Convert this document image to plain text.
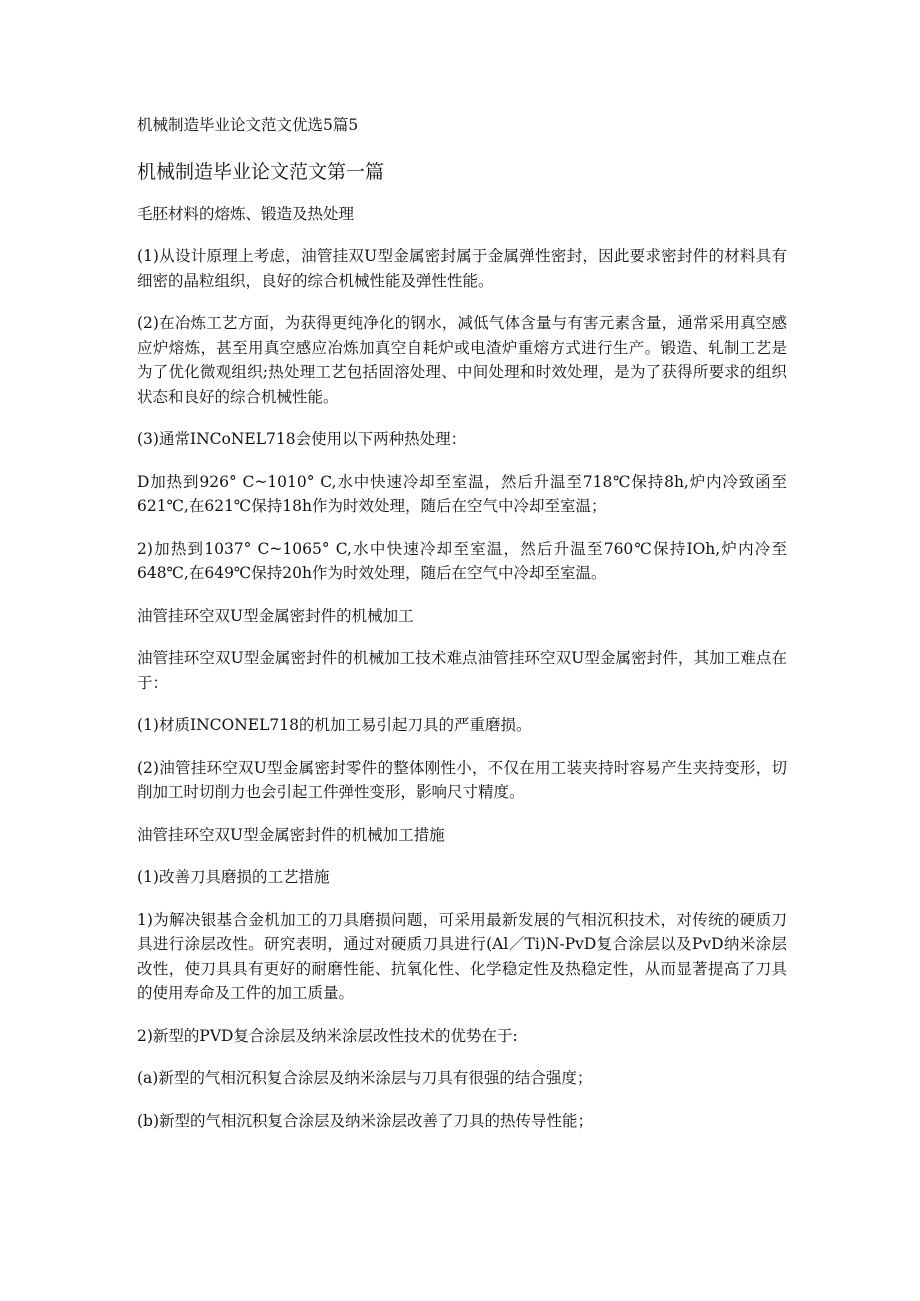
机械制造毕业论文范文优选5篇5

机械制造毕业论文范文第一篇

毛胚材料的熔炼、锻造及热处理

(1)从设计原理上考虑，油管挂双U型金属密封属于金属弹性密封，因此要求密封件的材料具有细密的晶粒组织，良好的综合机械性能及弹性性能。

(2)在冶炼工艺方面，为获得更纯净化的钢水，减低气体含量与有害元素含量，通常采用真空感应炉熔炼，甚至用真空感应冶炼加真空自耗炉或电渣炉重熔方式进行生产。锻造、轧制工艺是为了优化微观组织;热处理工艺包括固溶处理、中间处理和时效处理，是为了获得所要求的组织状态和良好的综合机械性能。

(3)通常INCoNEL718会使用以下两种热处理：

D加热到926° C~1010° C,水中快速冷却至室温，然后升温至718℃保持8h,炉内冷致函至621℃,在621℃保持18h作为时效处理，随后在空气中冷却至室温；

2)加热到1037° C~1065° C,水中快速冷却至室温，然后升温至760℃保持IOh,炉内冷至648℃,在649℃保持20h作为时效处理，随后在空气中冷却至室温。

油管挂环空双U型金属密封件的机械加工

油管挂环空双U型金属密封件的机械加工技术难点油管挂环空双U型金属密封件，其加工难点在于：

(1)材质INCONEL718的机加工易引起刀具的严重磨损。

(2)油管挂环空双U型金属密封零件的整体刚性小，不仅在用工装夹持时容易产生夹持变形，切削加工时切削力也会引起工件弹性变形，影响尺寸精度。

油管挂环空双U型金属密封件的机械加工措施

(1)改善刀具磨损的工艺措施

1)为解决银基合金机加工的刀具磨损问题，可采用最新发展的气相沉积技术，对传统的硬质刀具进行涂层改性。研究表明，通过对硬质刀具进行(Al／Ti)N-PvD复合涂层以及PvD纳米涂层改性，使刀具具有更好的耐磨性能、抗氧化性、化学稳定性及热稳定性，从而显著提高了刀具的使用寿命及工件的加工质量。

2)新型的PVD复合涂层及纳米涂层改性技术的优势在于:

(a)新型的气相沉积复合涂层及纳米涂层与刀具有很强的结合强度；

(b)新型的气相沉积复合涂层及纳米涂层改善了刀具的热传导性能；
